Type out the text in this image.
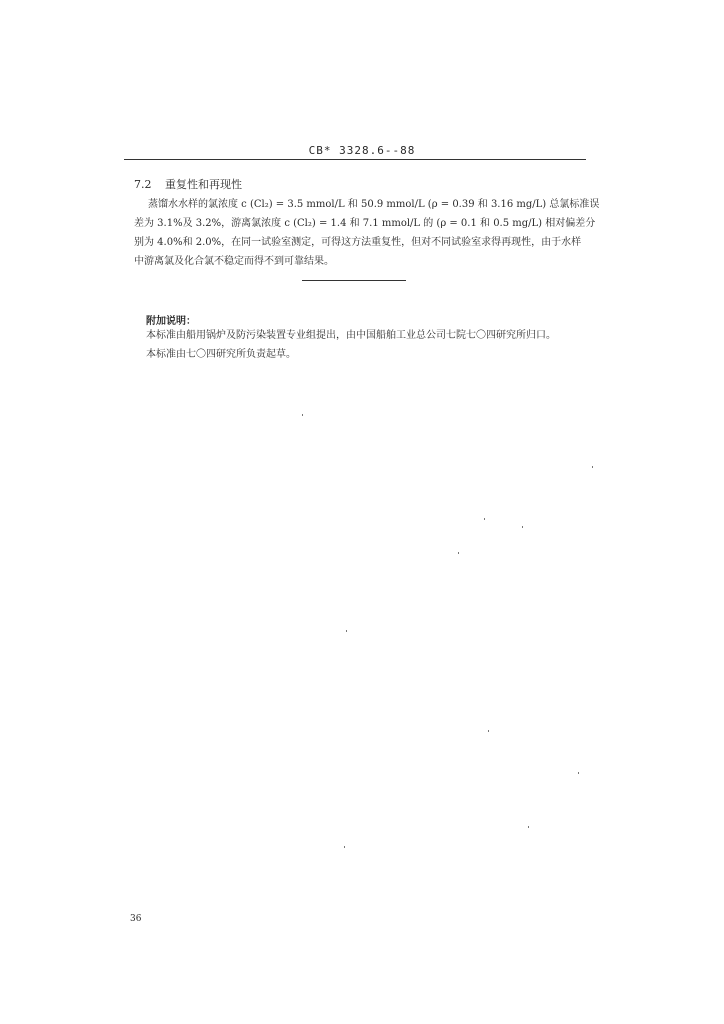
CB* 3328.6--88
7.2 重复性和再现性

蒸馏水水样的氯浓度 c (Cl₂) = 3.5 mmol/L 和 50.9 mmol/L (ρ = 0.39 和 3.16 mg/L) 总氯标准误

差为 3.1%及 3.2%，游离氯浓度 c (Cl₂) = 1.4 和 7.1 mmol/L 的 (ρ = 0.1 和 0.5 mg/L) 相对偏差分

别为 4.0%和 2.0%，在同一试验室测定，可得这方法重复性，但对不同试验室求得再现性，由于水样

中游离氯及化合氯不稳定而得不到可靠结果。

附加说明：

本标准由船用锅炉及防污染装置专业组提出，由中国船舶工业总公司七院七〇四研究所归口。

本标准由七〇四研究所负责起草。

36
